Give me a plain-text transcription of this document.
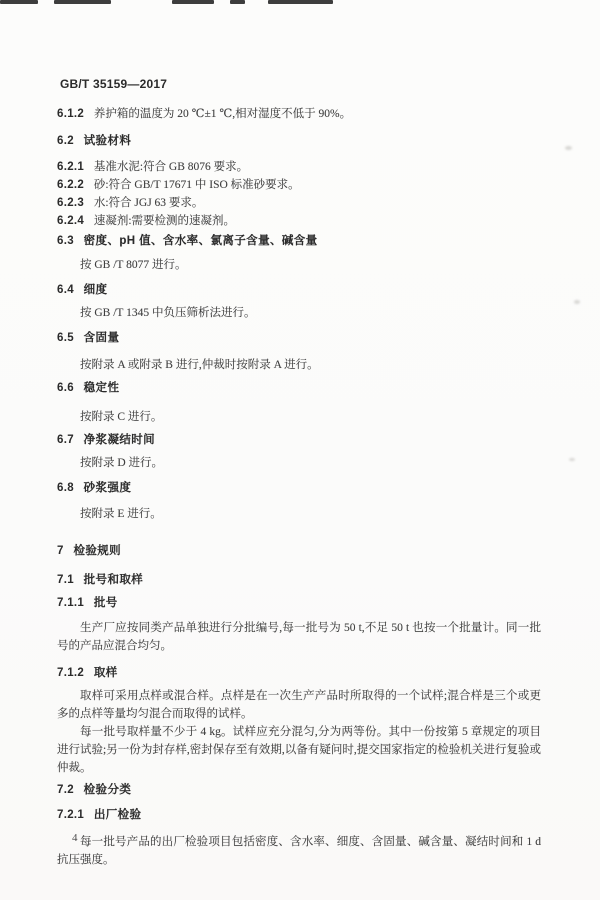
GB/T 35159—2017

6.1.2 养护箱的温度为 20 ℃±1 ℃,相对湿度不低于 90%。

6.2 试验材料

6.2.1 基准水泥:符合 GB 8076 要求。

6.2.2 砂:符合 GB/T 17671 中 ISO 标准砂要求。

6.2.3 水:符合 JGJ 63 要求。

6.2.4 速凝剂:需要检测的速凝剂。

6.3 密度、pH 值、含水率、氯离子含量、碱含量

按 GB /T 8077 进行。

6.4 细度

按 GB /T 1345 中负压筛析法进行。

6.5 含固量

按附录 A 或附录 B 进行,仲裁时按附录 A 进行。

6.6 稳定性

按附录 C 进行。

6.7 净浆凝结时间

按附录 D 进行。

6.8 砂浆强度

按附录 E 进行。

7 检验规则

7.1 批号和取样

7.1.1 批号

生产厂应按同类产品单独进行分批编号,每一批号为 50 t,不足 50 t 也按一个批量计。同一批号的产品应混合均匀。

7.1.2 取样

取样可采用点样或混合样。点样是在一次生产产品时所取得的一个试样;混合样是三个或更多的点样等量均匀混合而取得的试样。

每一批号取样量不少于 4 kg。试样应充分混匀,分为两等份。其中一份按第 5 章规定的项目进行试验;另一份为封存样,密封保存至有效期,以备有疑问时,提交国家指定的检验机关进行复验或仲裁。

7.2 检验分类

7.2.1 出厂检验

每一批号产品的出厂检验项目包括密度、含水率、细度、含固量、碱含量、凝结时间和 1 d 抗压强度。

4
